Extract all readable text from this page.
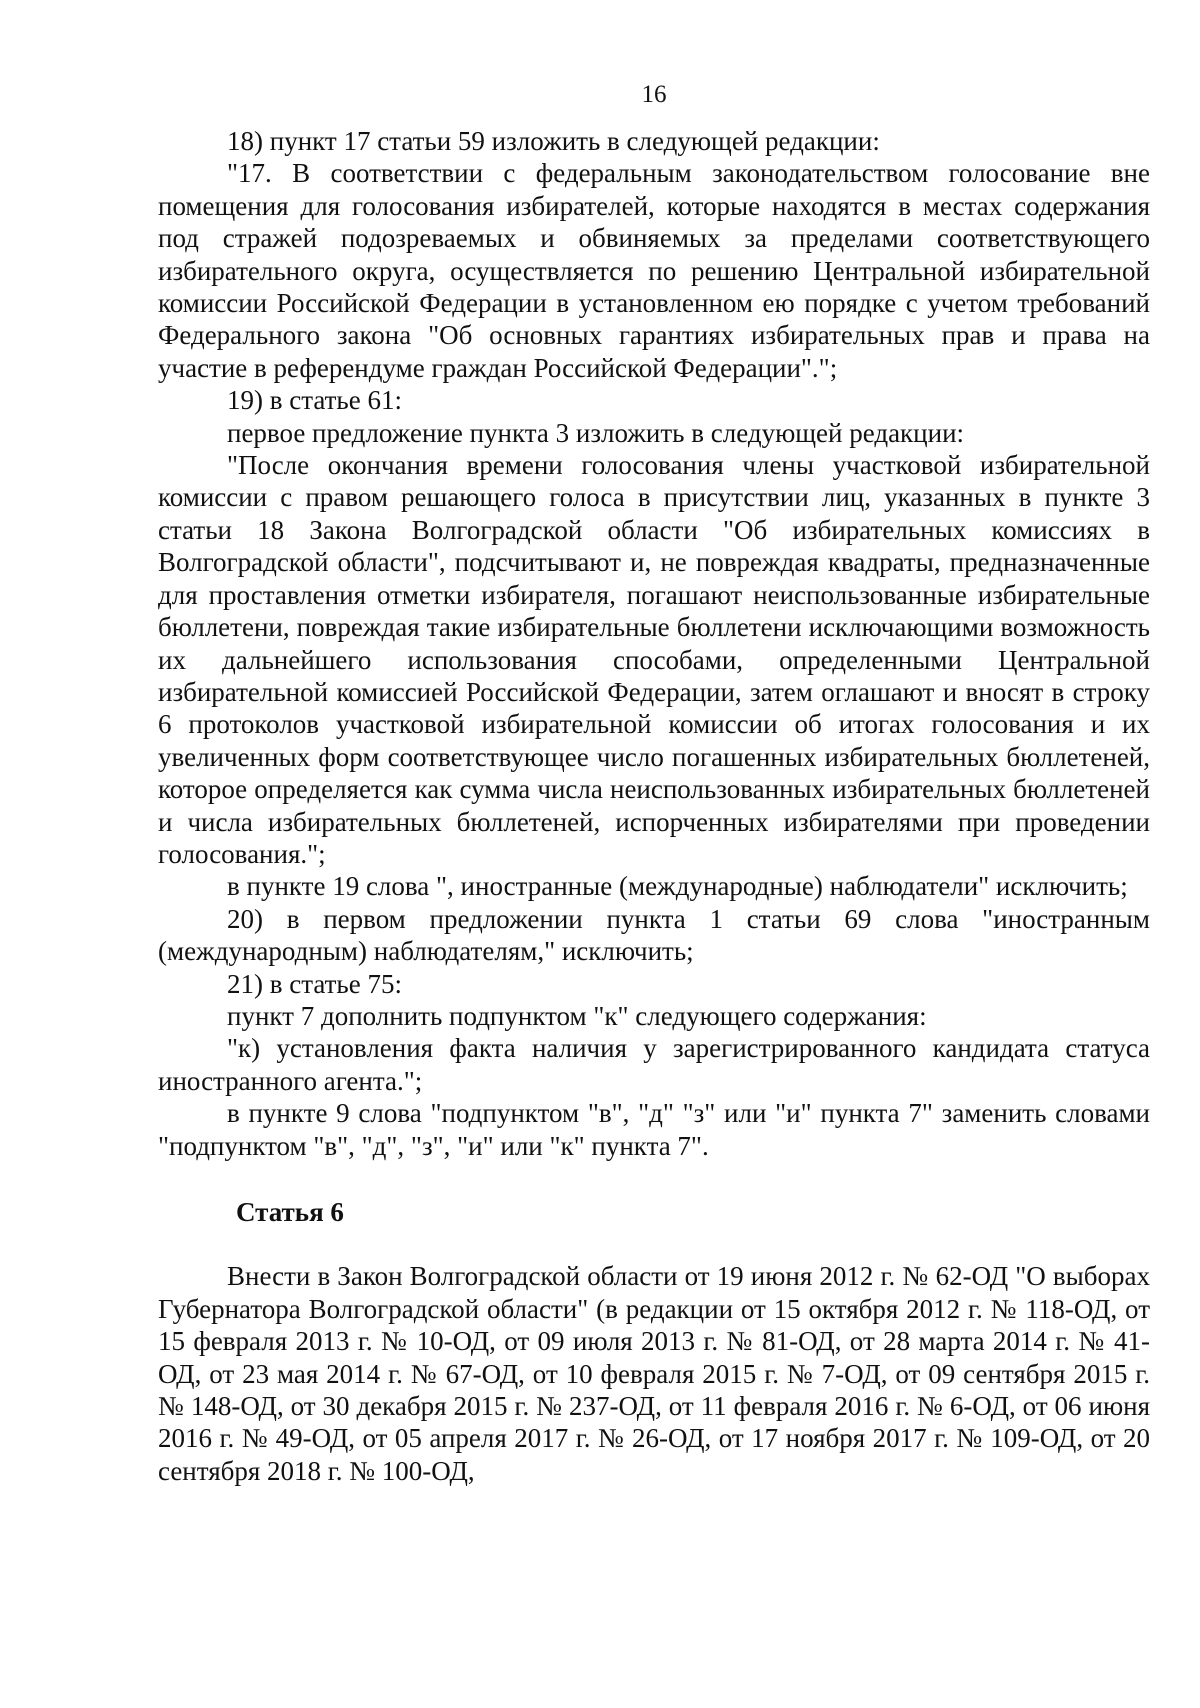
16

18) пункт 17 статьи 59 изложить в следующей редакции:

"17. В соответствии с федеральным законодательством голосование вне помещения для голосования избирателей, которые находятся в местах содержания под стражей подозреваемых и обвиняемых за пределами соответствующего избирательного округа, осуществляется по решению Центральной избирательной комиссии Российской Федерации в установленном ею порядке с учетом требований Федерального закона "Об основных гарантиях избирательных прав и права на участие в референдуме граждан Российской Федерации".";

19) в статье 61:

первое предложение пункта 3 изложить в следующей редакции:

"После окончания времени голосования члены участковой избирательной комиссии с правом решающего голоса в присутствии лиц, указанных в пункте 3 статьи 18 Закона Волгоградской области "Об избирательных комиссиях в Волгоградской области", подсчитывают и, не повреждая квадраты, предназначенные для проставления отметки избирателя, погашают неиспользованные избирательные бюллетени, повреждая такие избирательные бюллетени исключающими возможность их дальнейшего использования способами, определенными Центральной избирательной комиссией Российской Федерации, затем оглашают и вносят в строку 6 протоколов участковой избирательной комиссии об итогах голосования и их увеличенных форм соответствующее число погашенных избирательных бюллетеней, которое определяется как сумма числа неиспользованных избирательных бюллетеней и числа избирательных бюллетеней, испорченных избирателями при проведении голосования.";

в пункте 19 слова ", иностранные (международные) наблюдатели" исключить;

20) в первом предложении пункта 1 статьи 69 слова "иностранным (международным) наблюдателям," исключить;

21) в статье 75:

пункт 7 дополнить подпунктом "к" следующего содержания:

"к) установления факта наличия у зарегистрированного кандидата статуса иностранного агента.";

в пункте 9 слова "подпунктом "в", "д" "з" или "и" пункта 7" заменить словами "подпунктом "в", "д", "з", "и" или "к" пункта 7".

Статья 6

Внести в Закон Волгоградской области от 19 июня 2012 г. № 62-ОД "О выборах Губернатора Волгоградской области" (в редакции от 15 октября 2012 г. № 118-ОД, от 15 февраля 2013 г. № 10-ОД, от 09 июля 2013 г. № 81-ОД, от 28 марта 2014 г. № 41-ОД, от 23 мая 2014 г. № 67-ОД, от 10 февраля 2015 г. № 7-ОД, от 09 сентября 2015 г. № 148-ОД, от 30 декабря 2015 г. № 237-ОД, от 11 февраля 2016 г. № 6-ОД, от 06 июня 2016 г. № 49-ОД, от 05 апреля 2017 г. № 26-ОД, от 17 ноября 2017 г. № 109-ОД, от 20 сентября 2018 г. № 100-ОД,
